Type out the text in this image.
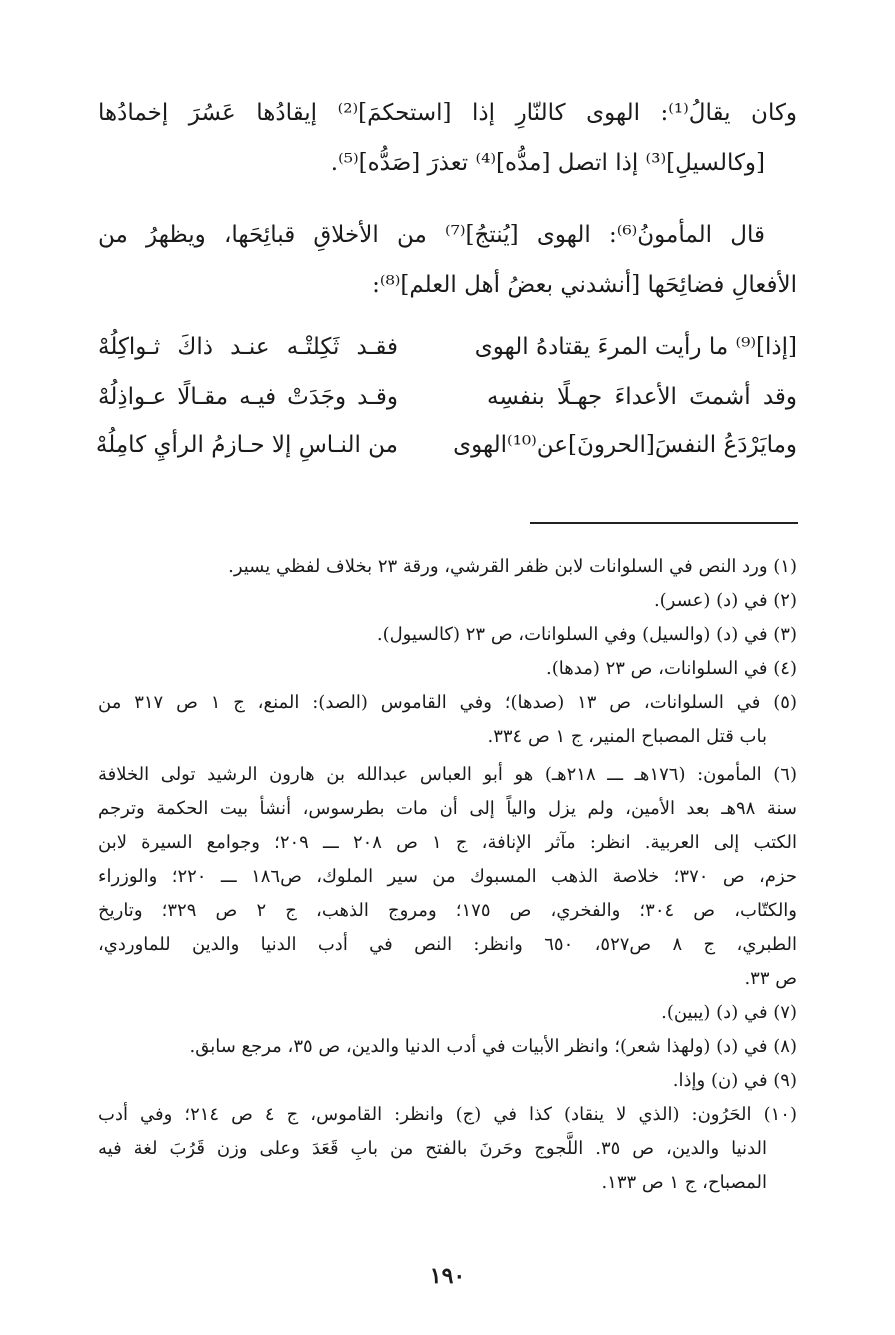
وكان يقالُ⁽¹⁾: الهوى كالنّارِ إذا [استحكمَ]⁽²⁾ إيقادُها عَسُرَ إخمادُها
[وكالسيلِ]⁽³⁾ إذا اتصل [مدُّه]⁽⁴⁾ تعذرَ [صَدُّه]⁽⁵⁾.
قال المأمونُ⁽⁶⁾: الهوى [يُنتجُ]⁽⁷⁾ من الأخلاقِ قبائِحَها، ويظهرُ من
الأفعالِ فضائِحَها [أنشدني بعضُ أهل العلم]⁽⁸⁾:
[إذا]⁽⁹⁾ ما رأيت المرءَ يقتادهُ الهوى
فقـد ثَكِلتْـه عنـد ذاكَ ثـواكِلُهْ
وقد أشمتَ الأعداءَ جهـلًا بنفسِه
وقـد وجَدَتْ فيـه مقـالًا عـواذِلُهْ
ومايَرْدَعُ النفسَ[الحرونَ]عن⁽¹⁰⁾الهوى
من النـاسِ إلا حـازمُ الرأيِ كامِلُهْ
(١) ورد النص في السلوانات لابن ظفر القرشي، ورقة ٢٣ بخلاف لفظي يسير.
(٢) في (د) (عسر).
(٣) في (د) (والسيل) وفي السلوانات، ص ٢٣ (كالسيول).
(٤) في السلوانات، ص ٢٣ (مدها).
(٥) في السلوانات، ص ١٣ (صدها)؛ وفي القاموس (الصد): المنع، ج ١ ص ٣١٧ من
باب قتل المصباح المنير، ج ١ ص ٣٣٤.
(٦) المأمون: (١٧٦هـ ـــ ٢١٨هـ) هو أبو العباس عبدالله بن هارون الرشيد تولى الخلافة
سنة ٩٨هـ بعد الأمين، ولم يزل والياً إلى أن مات بطرسوس، أنشأ بيت الحكمة وترجم
الكتب إلى العربية. انظر: مآثر الإنافة، ج ١ ص ٢٠٨ ـــ ٢٠٩؛ وجوامع السيرة لابن
حزم، ص ٣٧٠؛ خلاصة الذهب المسبوك من سير الملوك، ص١٨٦ ـــ ٢٢٠؛ والوزراء
والكتّاب، ص ٣٠٤؛ والفخري، ص ١٧٥؛ ومروج الذهب، ج ٢ ص ٣٢٩؛ وتاريخ
الطبري، ج ٨ ص٥٢٧، ٦٥٠ وانظر: النص في أدب الدنيا والدين للماوردي،
ص ٣٣.
(٧) في (د) (يبين).
(٨) في (د) (ولهذا شعر)؛ وانظر الأبيات في أدب الدنيا والدين، ص ٣٥، مرجع سابق.
(٩) في (ن) وإذا.
(١٠) الحَرُون: (الذي لا ينقاد) كذا في (ج) وانظر: القاموس، ج ٤ ص ٢١٤؛ وفي أدب
الدنيا والدين، ص ٣٥. اللَّجوج وحَرنَ بالفتح من بابِ قَعَدَ وعلى وزن قَرُبَ لغة فيه
المصباح، ج ١ ص ١٣٣.
١٩٠
